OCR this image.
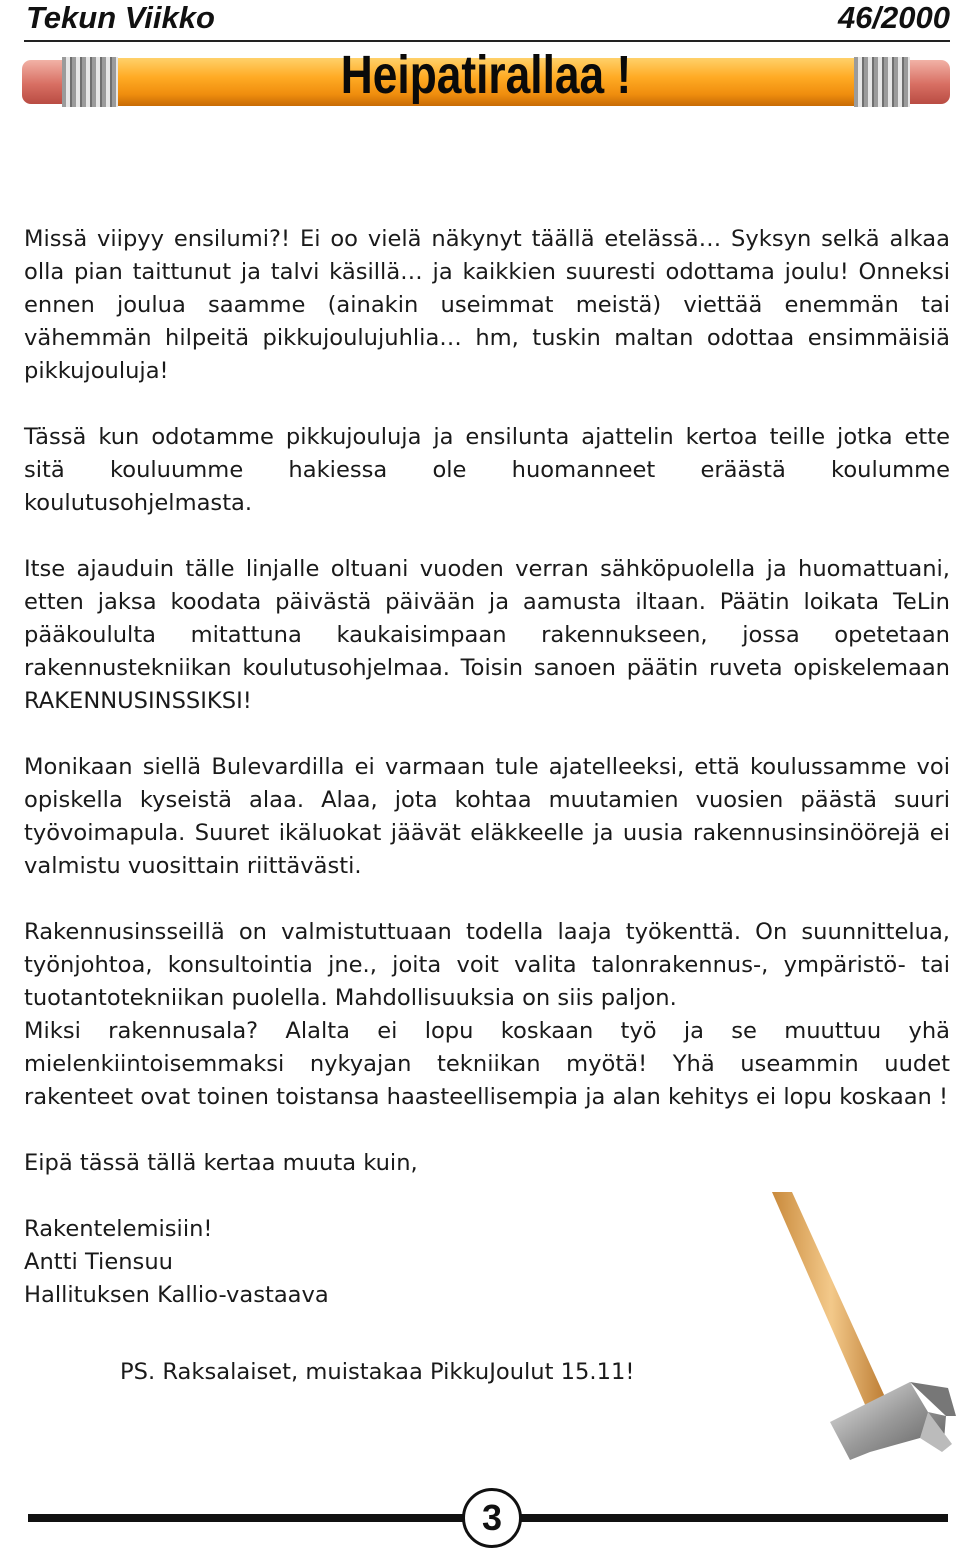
Tekun Viikko	46/2000
Heipatirallaa !

Missä viipyy ensilumi?! Ei oo vielä näkynyt täällä etelässä… Syksyn selkä alkaa olla pian taittunut ja talvi käsillä… ja kaikkien suuresti odottama joulu! Onneksi ennen joulua saamme (ainakin useimmat meistä) viettää enemmän tai vähemmän hilpeitä pikkujoulujuhlia… hm, tuskin maltan odottaa ensimmäisiä pikkujouluja!

Tässä kun odotamme pikkujouluja ja ensilunta ajattelin kertoa teille jotka ette sitä kouluumme hakiessa ole huomanneet eräästä koulumme koulutusohjelmasta.

Itse ajauduin tälle linjalle oltuani vuoden verran sähköpuolella ja huomattuani, etten jaksa koodata päivästä päivään ja aamusta iltaan. Päätin loikata TeLin pääkoululta mitattuna kaukaisimpaan rakennukseen, jossa opetetaan rakennustekniikan koulutusohjelmaa. Toisin sanoen päätin ruveta opiskelemaan RAKENNUSINSSIKSI!

Monikaan siellä Bulevardilla ei varmaan tule ajatelleeksi, että koulussamme voi opiskella kyseistä alaa. Alaa, jota kohtaa muutamien vuosien päästä suuri työvoimapula. Suuret ikäluokat jäävät eläkkeelle ja uusia rakennusinsinöörejä ei valmistu vuosittain riittävästi.

Rakennusinsseillä on valmistuttuaan todella laaja työkenttä. On suunnittelua, työnjohtoa, konsultointia jne., joita voit valita talonrakennus-, ympäristö- tai tuotantotekniikan puolella. Mahdollisuuksia on siis paljon.

Miksi rakennusala? Alalta ei lopu koskaan työ ja se muuttuu yhä mielenkiintoisemmaksi nykyajan tekniikan myötä! Yhä useammin uudet rakenteet ovat toinen toistansa haasteellisempia ja alan kehitys ei lopu koskaan !

Eipä tässä tällä kertaa muuta kuin,

Rakentelemisiin!

Antti Tiensuu

Hallituksen Kallio-vastaava

PS. Raksalaiset, muistakaa PikkuJoulut 15.11!
3
